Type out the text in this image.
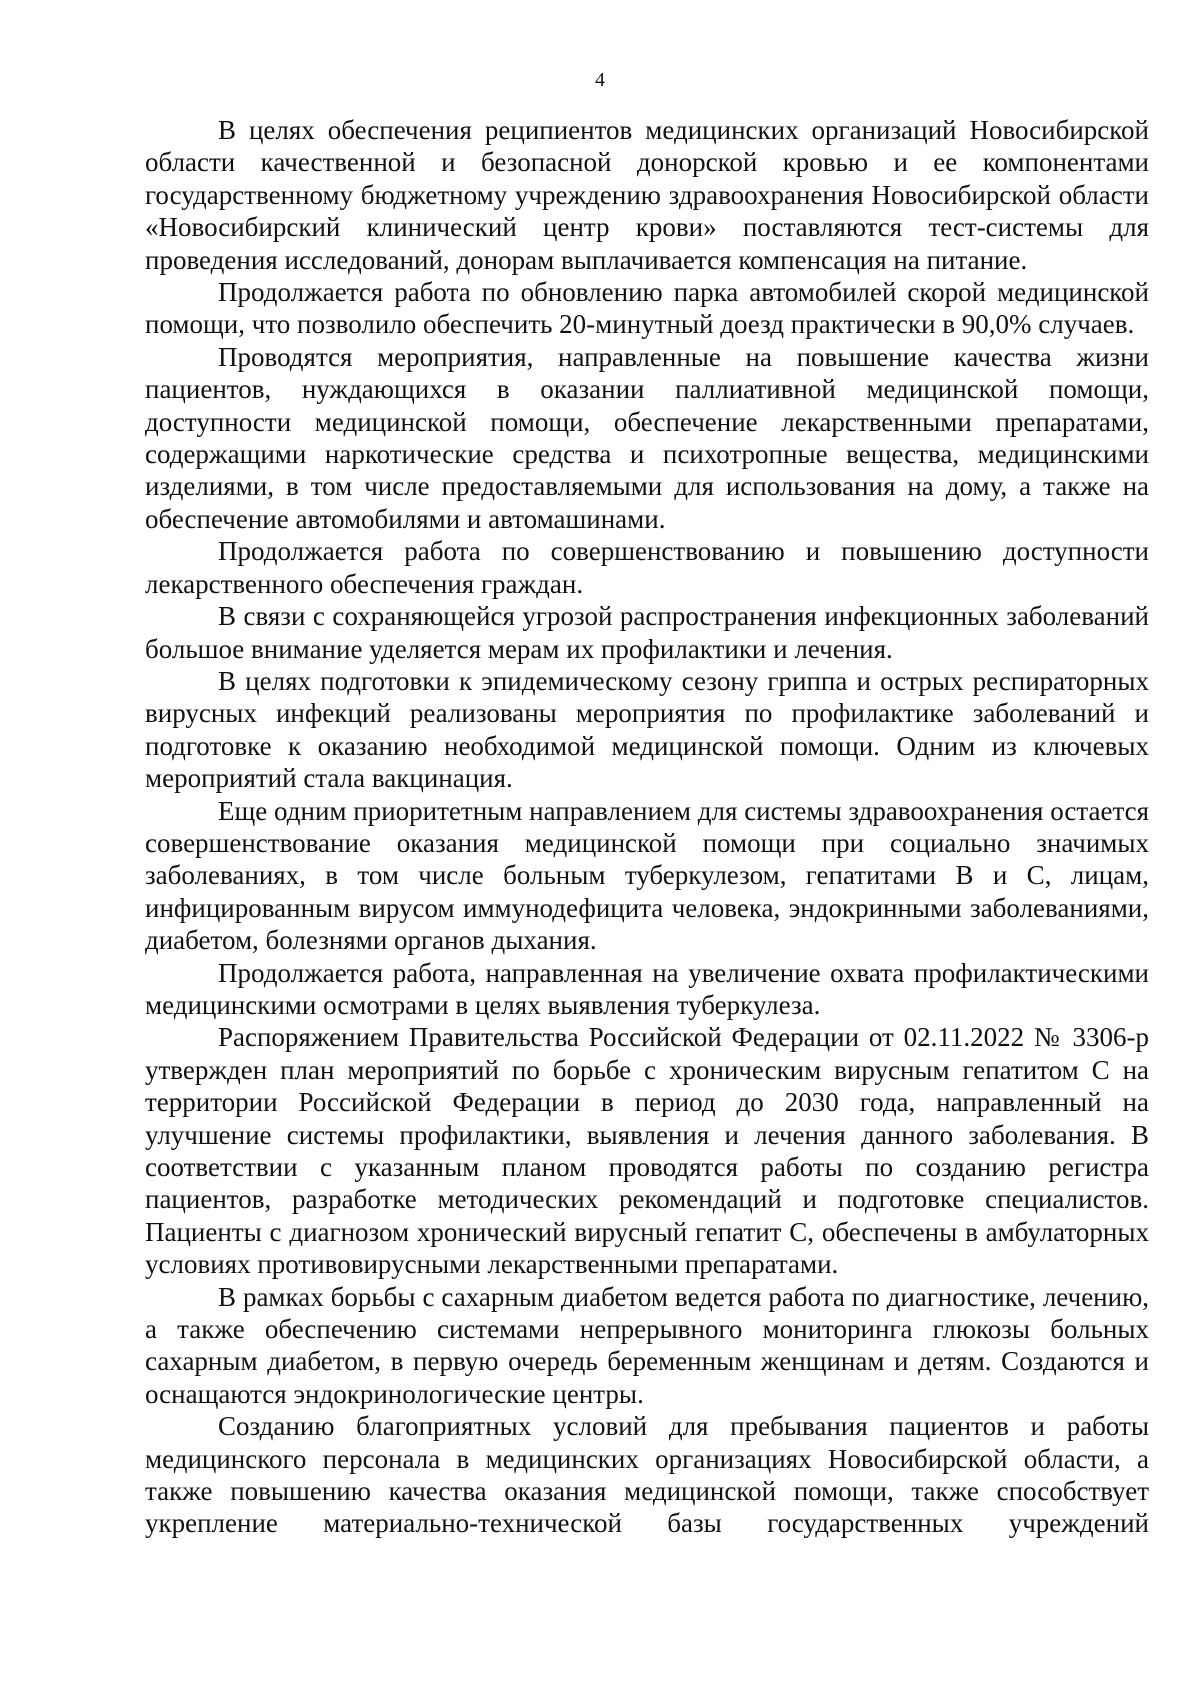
4

В целях обеспечения реципиентов медицинских организаций Новосибирской области качественной и безопасной донорской кровью и ее компонентами государственному бюджетному учреждению здравоохранения Новосибирской области «Новосибирский клинический центр крови» поставляются тест-системы для проведения исследований, донорам выплачивается компенсация на питание.

Продолжается работа по обновлению парка автомобилей скорой медицинской помощи, что позволило обеспечить 20-минутный доезд практически в 90,0% случаев.

Проводятся мероприятия, направленные на повышение качества жизни пациентов, нуждающихся в оказании паллиативной медицинской помощи, доступности медицинской помощи, обеспечение лекарственными препаратами, содержащими наркотические средства и психотропные вещества, медицинскими изделиями, в том числе предоставляемыми для использования на дому, а также на обеспечение автомобилями и автомашинами.

Продолжается работа по совершенствованию и повышению доступности лекарственного обеспечения граждан.

В связи с сохраняющейся угрозой распространения инфекционных заболеваний большое внимание уделяется мерам их профилактики и лечения.

В целях подготовки к эпидемическому сезону гриппа и острых респираторных вирусных инфекций реализованы мероприятия по профилактике заболеваний и подготовке к оказанию необходимой медицинской помощи. Одним из ключевых мероприятий стала вакцинация.

Еще одним приоритетным направлением для системы здравоохранения остается совершенствование оказания медицинской помощи при социально значимых заболеваниях, в том числе больным туберкулезом, гепатитами B и C, лицам, инфицированным вирусом иммунодефицита человека, эндокринными заболеваниями, диабетом, болезнями органов дыхания.

Продолжается работа, направленная на увеличение охвата профилактическими медицинскими осмотрами в целях выявления туберкулеза.

Распоряжением Правительства Российской Федерации от 02.11.2022 № 3306-р утвержден план мероприятий по борьбе с хроническим вирусным гепатитом C на территории Российской Федерации в период до 2030 года, направленный на улучшение системы профилактики, выявления и лечения данного заболевания. В соответствии с указанным планом проводятся работы по созданию регистра пациентов, разработке методических рекомендаций и подготовке специалистов. Пациенты с диагнозом хронический вирусный гепатит C, обеспечены в амбулаторных условиях противовирусными лекарственными препаратами.

В рамках борьбы с сахарным диабетом ведется работа по диагностике, лечению, а также обеспечению системами непрерывного мониторинга глюкозы больных сахарным диабетом, в первую очередь беременным женщинам и детям. Создаются и оснащаются эндокринологические центры.

Созданию благоприятных условий для пребывания пациентов и работы медицинского персонала в медицинских организациях Новосибирской области, а также повышению качества оказания медицинской помощи, также способствует укрепление материально-технической базы государственных учреждений
